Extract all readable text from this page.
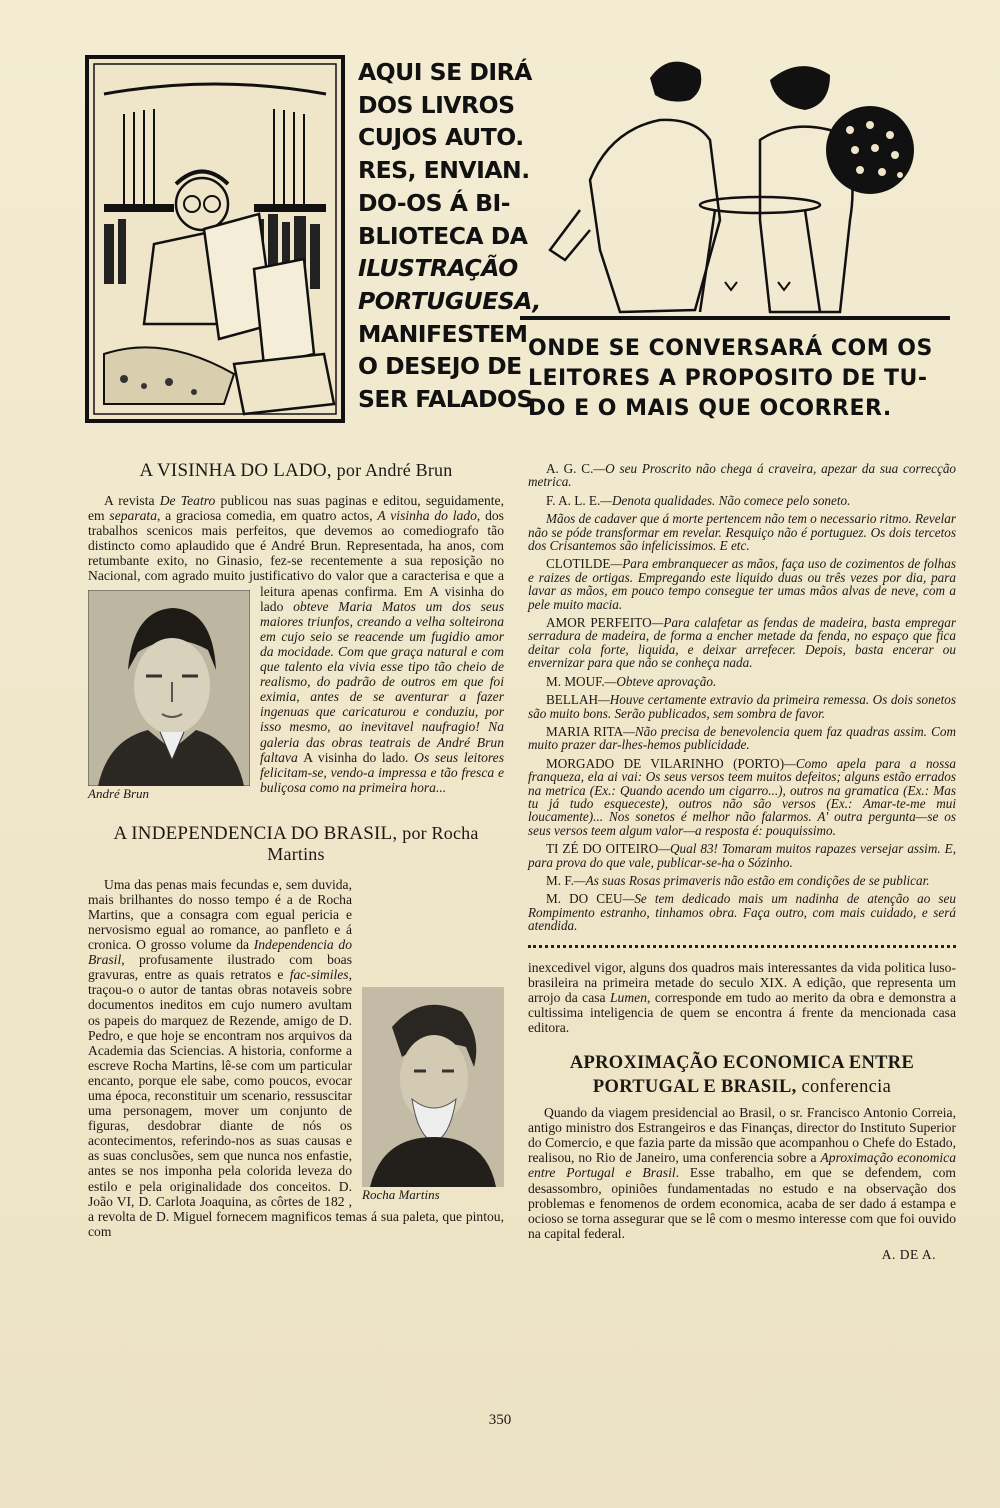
AQUI SE DIRÁ
DOS LIVROS
CUJOS AUTO.
RES, ENVIAN.
DO-OS Á BI-
BLIOTECA DA
ILUSTRAÇÃO
PORTUGUESA,
MANIFESTEM
O DESEJO DE
SER FALADOS
ONDE SE CONVERSARÁ COM OS
LEITORES A PROPOSITO DE TU-
DO E O MAIS QUE OCORRER.
A VISINHA DO LADO, por André Brun

A revista De Teatro publicou nas suas paginas e editou, seguidamente, em separata, a graciosa comedia, em quatro actos, A visinha do lado, dos trabalhos scenicos mais perfeitos, que devemos ao comediografo tão distincto como aplaudido que é André Brun. Representada, ha anos, com retumbante exito, no Ginasio, fez-se recentemente a sua reposição no Nacional, com agrado muito justificativo do valor que a caracterisa e que a leitura apenas confirma. Em
André Brun
A visinha do lado obteve Maria Matos um dos seus maiores triunfos, creando a velha solteirona em cujo seio se reacende um fugidio amor da mocidade. Com que graça natural e com que talento ela vivia esse tipo tão cheio de realismo, do padrão de outros em que foi eximia, antes de se aventurar a fazer ingenuas que caricaturou e conduziu, por isso mesmo, ao inevitavel naufragio! Na galeria das obras teatrais de André Brun faltava A visinha do lado. Os seus leitores felicitam-se, vendo-a impressa e tão fresca e buliçosa como na primeira hora...

A INDEPENDENCIA DO BRASIL, por Rocha Martins

Rocha Martins
Uma das penas mais fecundas e, sem duvida, mais brilhantes do nosso tempo é a de Rocha Martins, que a consagra com egual pericia e nervosismo egual ao romance, ao panfleto e á cronica. O grosso volume da Independencia do Brasil, profusamente ilustrado com boas gravuras, entre as quais retratos e fac-similes, traçou-o o autor de tantas obras notaveis sobre documentos ineditos em cujo numero avultam os papeis do marquez de Rezende, amigo de D. Pedro, e que hoje se encontram nos arquivos da Academia das Sciencias. A historia, conforme a escreve Rocha Martins, lê-se com um particular encanto, porque ele sabe, como poucos, evocar uma época, reconstituir um scenario, ressuscitar uma personagem, mover um conjunto de figuras, desdobrar diante de nós os acontecimentos, referindo-nos as suas causas e as suas conclusões, sem que nunca nos enfastie, antes se nos imponha pela colorida leveza do estilo e pela originalidade dos conceitos. D. João VI, D. Carlota Joaquina, as côrtes de 182 , a revolta de D. Miguel fornecem magnificos temas á sua paleta, que pintou, com

A. G. C.—O seu Proscrito não chega á craveira, apezar da sua correcção metrica.

F. A. L. E.—Denota qualidades. Não comece pelo soneto.

Mãos de cadaver que á morte pertencem não tem o necessario ritmo. Revelar não se póde transformar em revelar. Resquiço não é portuguez. Os dois tercetos dos Crisantemos são infelicissimos. E etc.

CLOTILDE—Para embranquecer as mãos, faça uso de cozimentos de folhas e raizes de ortigas. Empregando este liquido duas ou três vezes por dia, para lavar as mãos, em pouco tempo consegue ter umas mãos alvas de neve, com a pele muito macia.

AMOR PERFEITO—Para calafetar as fendas de madeira, basta empregar serradura de madeira, de forma a encher metade da fenda, no espaço que fica deitar cola forte, liquida, e deixar arrefecer. Depois, basta encerar ou envernizar para que não se conheça nada.

M. MOUF.—Obteve aprovação.

BELLAH—Houve certamente extravio da primeira remessa. Os dois sonetos são muito bons. Serão publicados, sem sombra de favor.

MARIA RITA—Não precisa de benevolencia quem faz quadras assim. Com muito prazer dar-lhes-hemos publicidade.

MORGADO DE VILARINHO (PORTO)—Como apela para a nossa franqueza, ela ai vai: Os seus versos teem muitos defeitos; alguns estão errados na metrica (Ex.: Quando acendo um cigarro...), outros na gramatica (Ex.: Mas tu já tudo esqueceste), outros não são versos (Ex.: Amar-te-me mui loucamente)... Nos sonetos é melhor não falarmos. A' outra pergunta—se os seus versos teem algum valor—a resposta é: pouquissimo.

TI ZÉ DO OITEIRO—Qual 83! Tomaram muitos rapazes versejar assim. E, para prova do que vale, publicar-se-ha o Sózinho.

M. F.—As suas Rosas primaveris não estão em condições de se publicar.

M. DO CEU—Se tem dedicado mais um nadinha de atenção ao seu Rompimento estranho, tinhamos obra. Faça outro, com mais cuidado, e será atendida.

inexcedivel vigor, alguns dos quadros mais interessantes da vida politica luso-brasileira na primeira metade do seculo XIX. A edição, que representa um arrojo da casa Lumen, corresponde em tudo ao merito da obra e demonstra a cultissima inteligencia de quem se encontra á frente da mencionada casa editora.

APROXIMAÇÃO ECONOMICA ENTRE PORTUGAL E BRASIL, conferencia

Quando da viagem presidencial ao Brasil, o sr. Francisco Antonio Correia, antigo ministro dos Estrangeiros e das Finanças, director do Instituto Superior do Comercio, e que fazia parte da missão que acompanhou o Chefe do Estado, realisou, no Rio de Janeiro, uma conferencia sobre a Aproximação economica entre Portugal e Brasil. Esse trabalho, em que se defendem, com desassombro, opiniões fundamentadas no estudo e na observação dos problemas e fenomenos de ordem economica, acaba de ser dado á estampa e ocioso se torna assegurar que se lê com o mesmo interesse com que foi ouvido na capital federal.

A. DE A.
350
